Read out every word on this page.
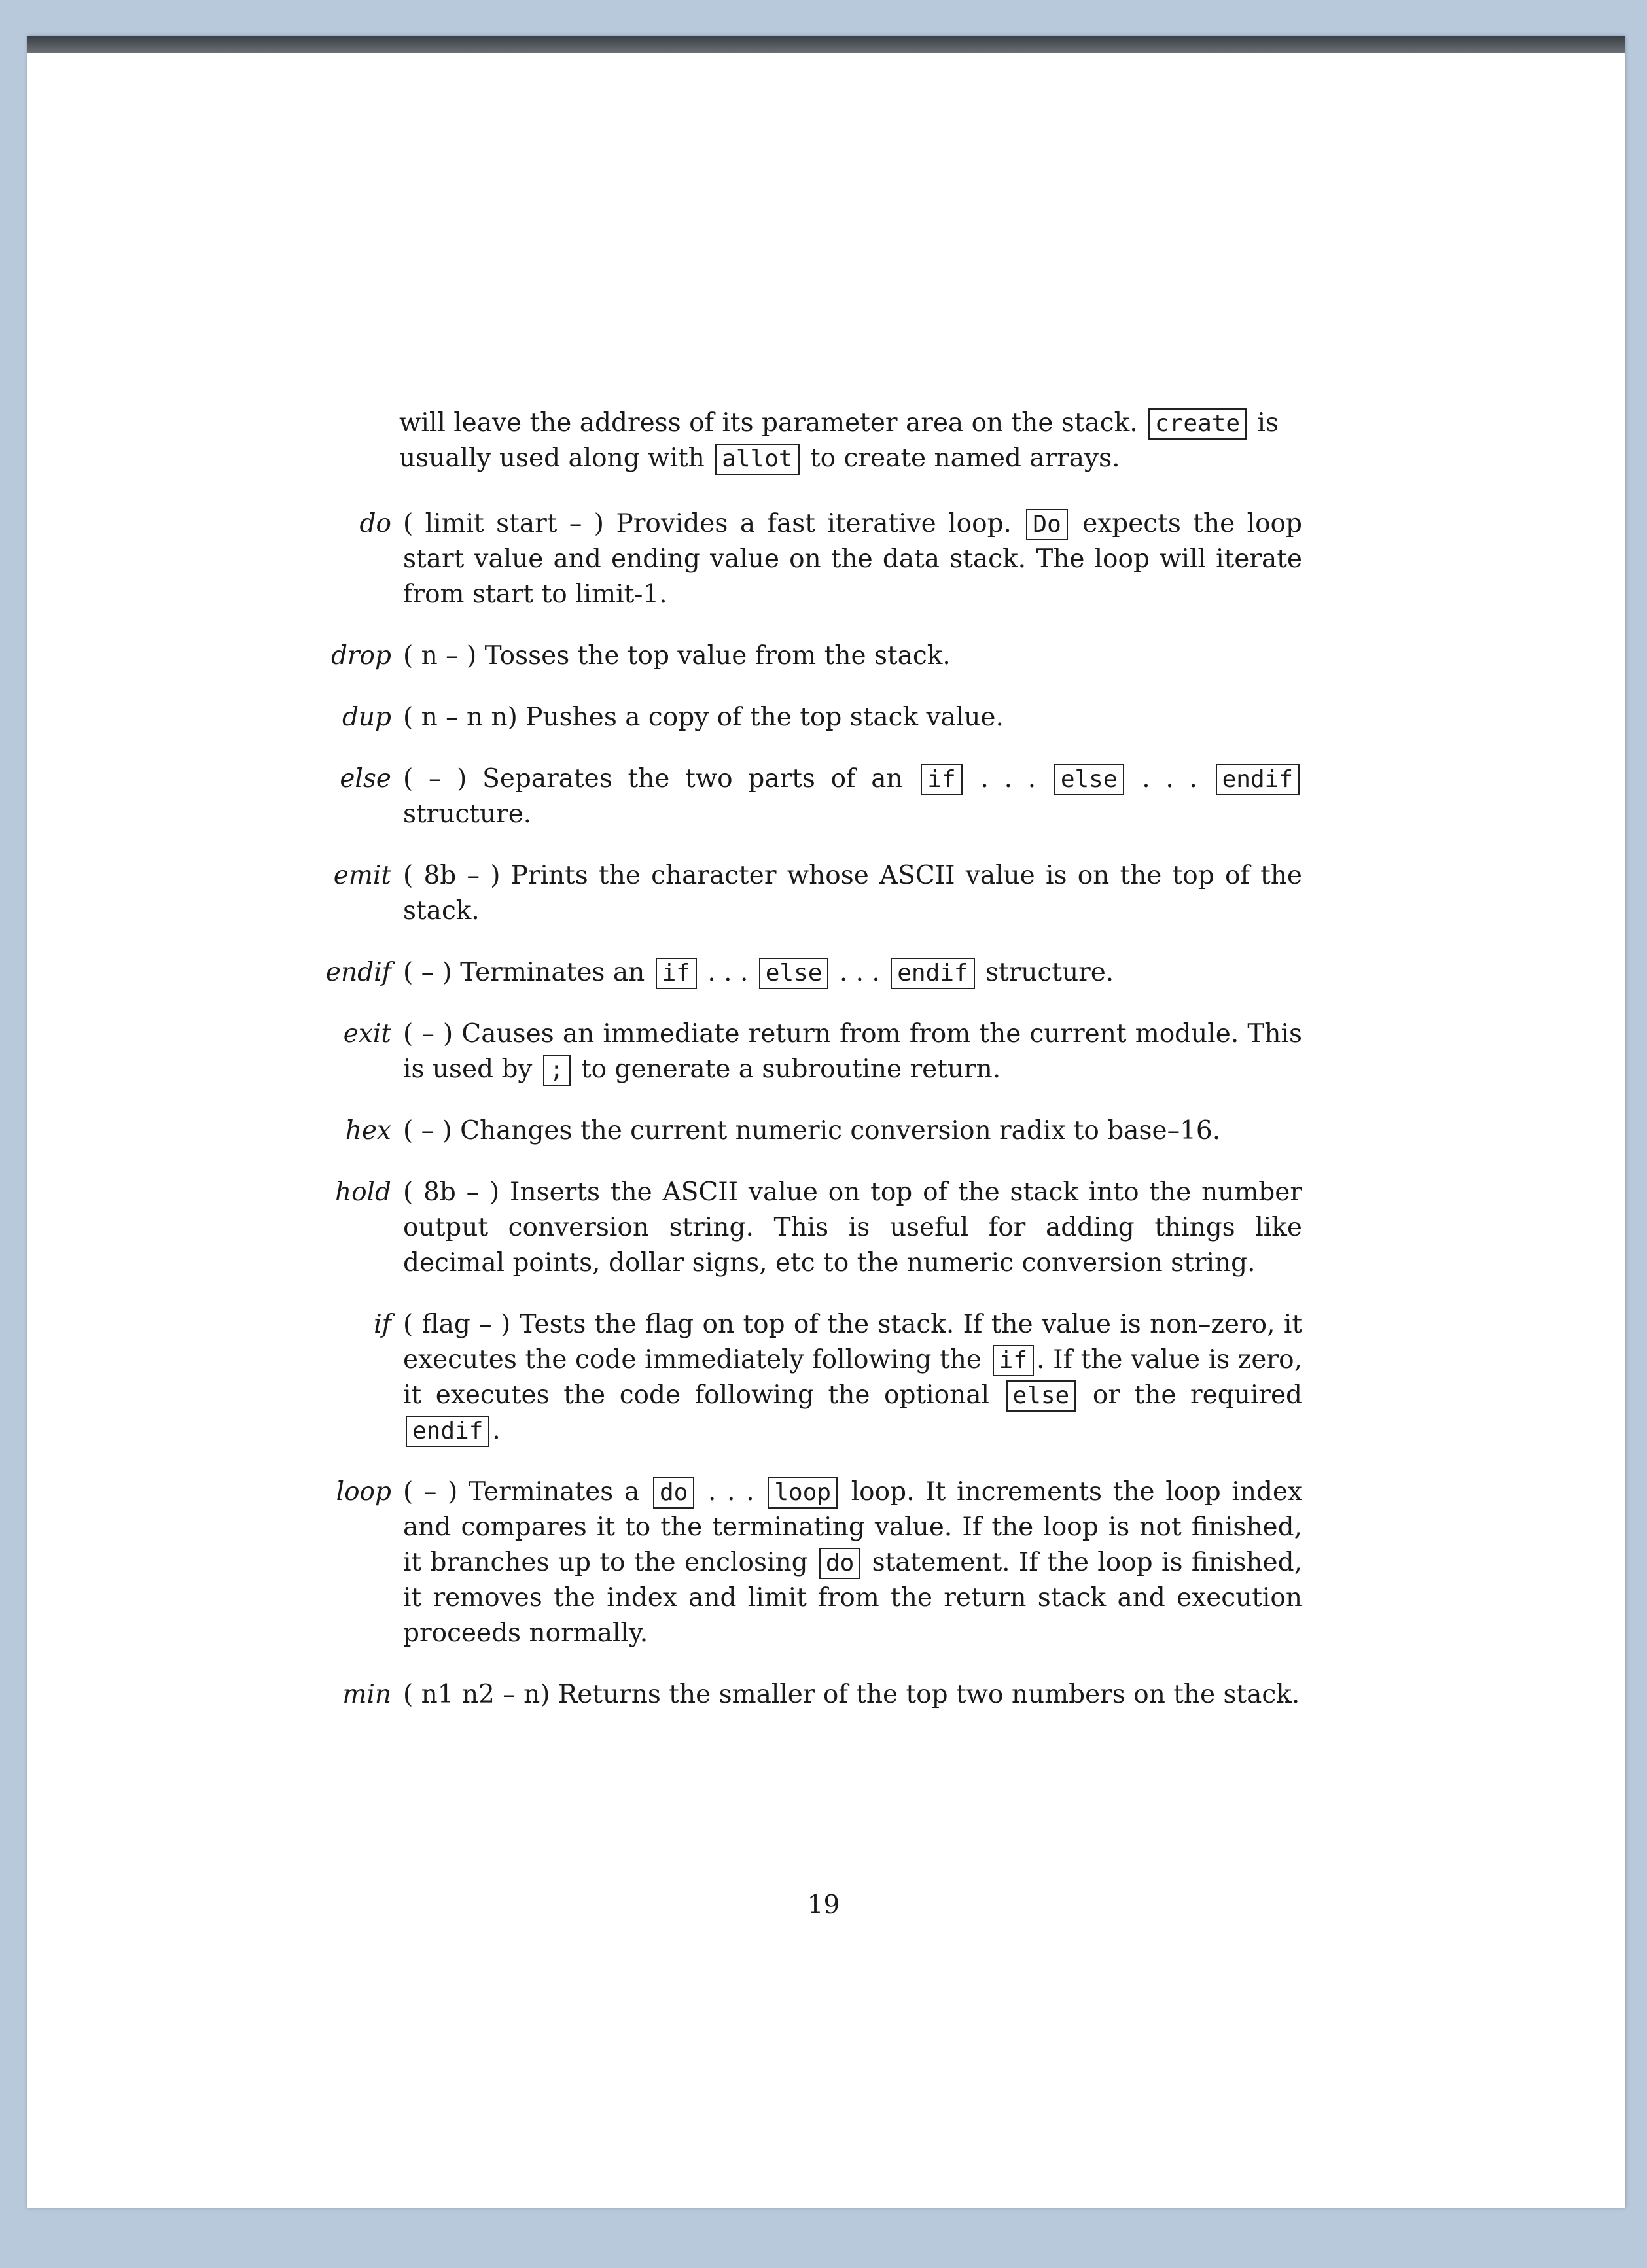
will leave the address of its parameter area on the stack. create is usually used along with allot to create named arrays.
do ( limit start – ) Provides a fast iterative loop. Do expects the loop start value and ending value on the data stack. The loop will iterate from start to limit-1.
drop ( n – ) Tosses the top value from the stack.
dup ( n – n n) Pushes a copy of the top stack value.
else ( – ) Separates the two parts of an if . . . else . . . endif structure.
emit ( 8b – ) Prints the character whose ASCII value is on the top of the stack.
endif ( – ) Terminates an if . . . else . . . endif structure.
exit ( – ) Causes an immediate return from from the current module. This is used by ; to generate a subroutine return.
hex ( – ) Changes the current numeric conversion radix to base–16.
hold ( 8b – ) Inserts the ASCII value on top of the stack into the number output conversion string. This is useful for adding things like decimal points, dollar signs, etc to the numeric conversion string.
if ( flag – ) Tests the flag on top of the stack. If the value is non–zero, it executes the code immediately following the if . If the value is zero, it executes the code following the optional else or the required endif .
loop ( – ) Terminates a do . . . loop loop. It increments the loop index and compares it to the terminating value. If the loop is not finished, it branches up to the enclosing do statement. If the loop is finished, it removes the index and limit from the return stack and execution proceeds normally.
min ( n1 n2 – n) Returns the smaller of the top two numbers on the stack.
19
